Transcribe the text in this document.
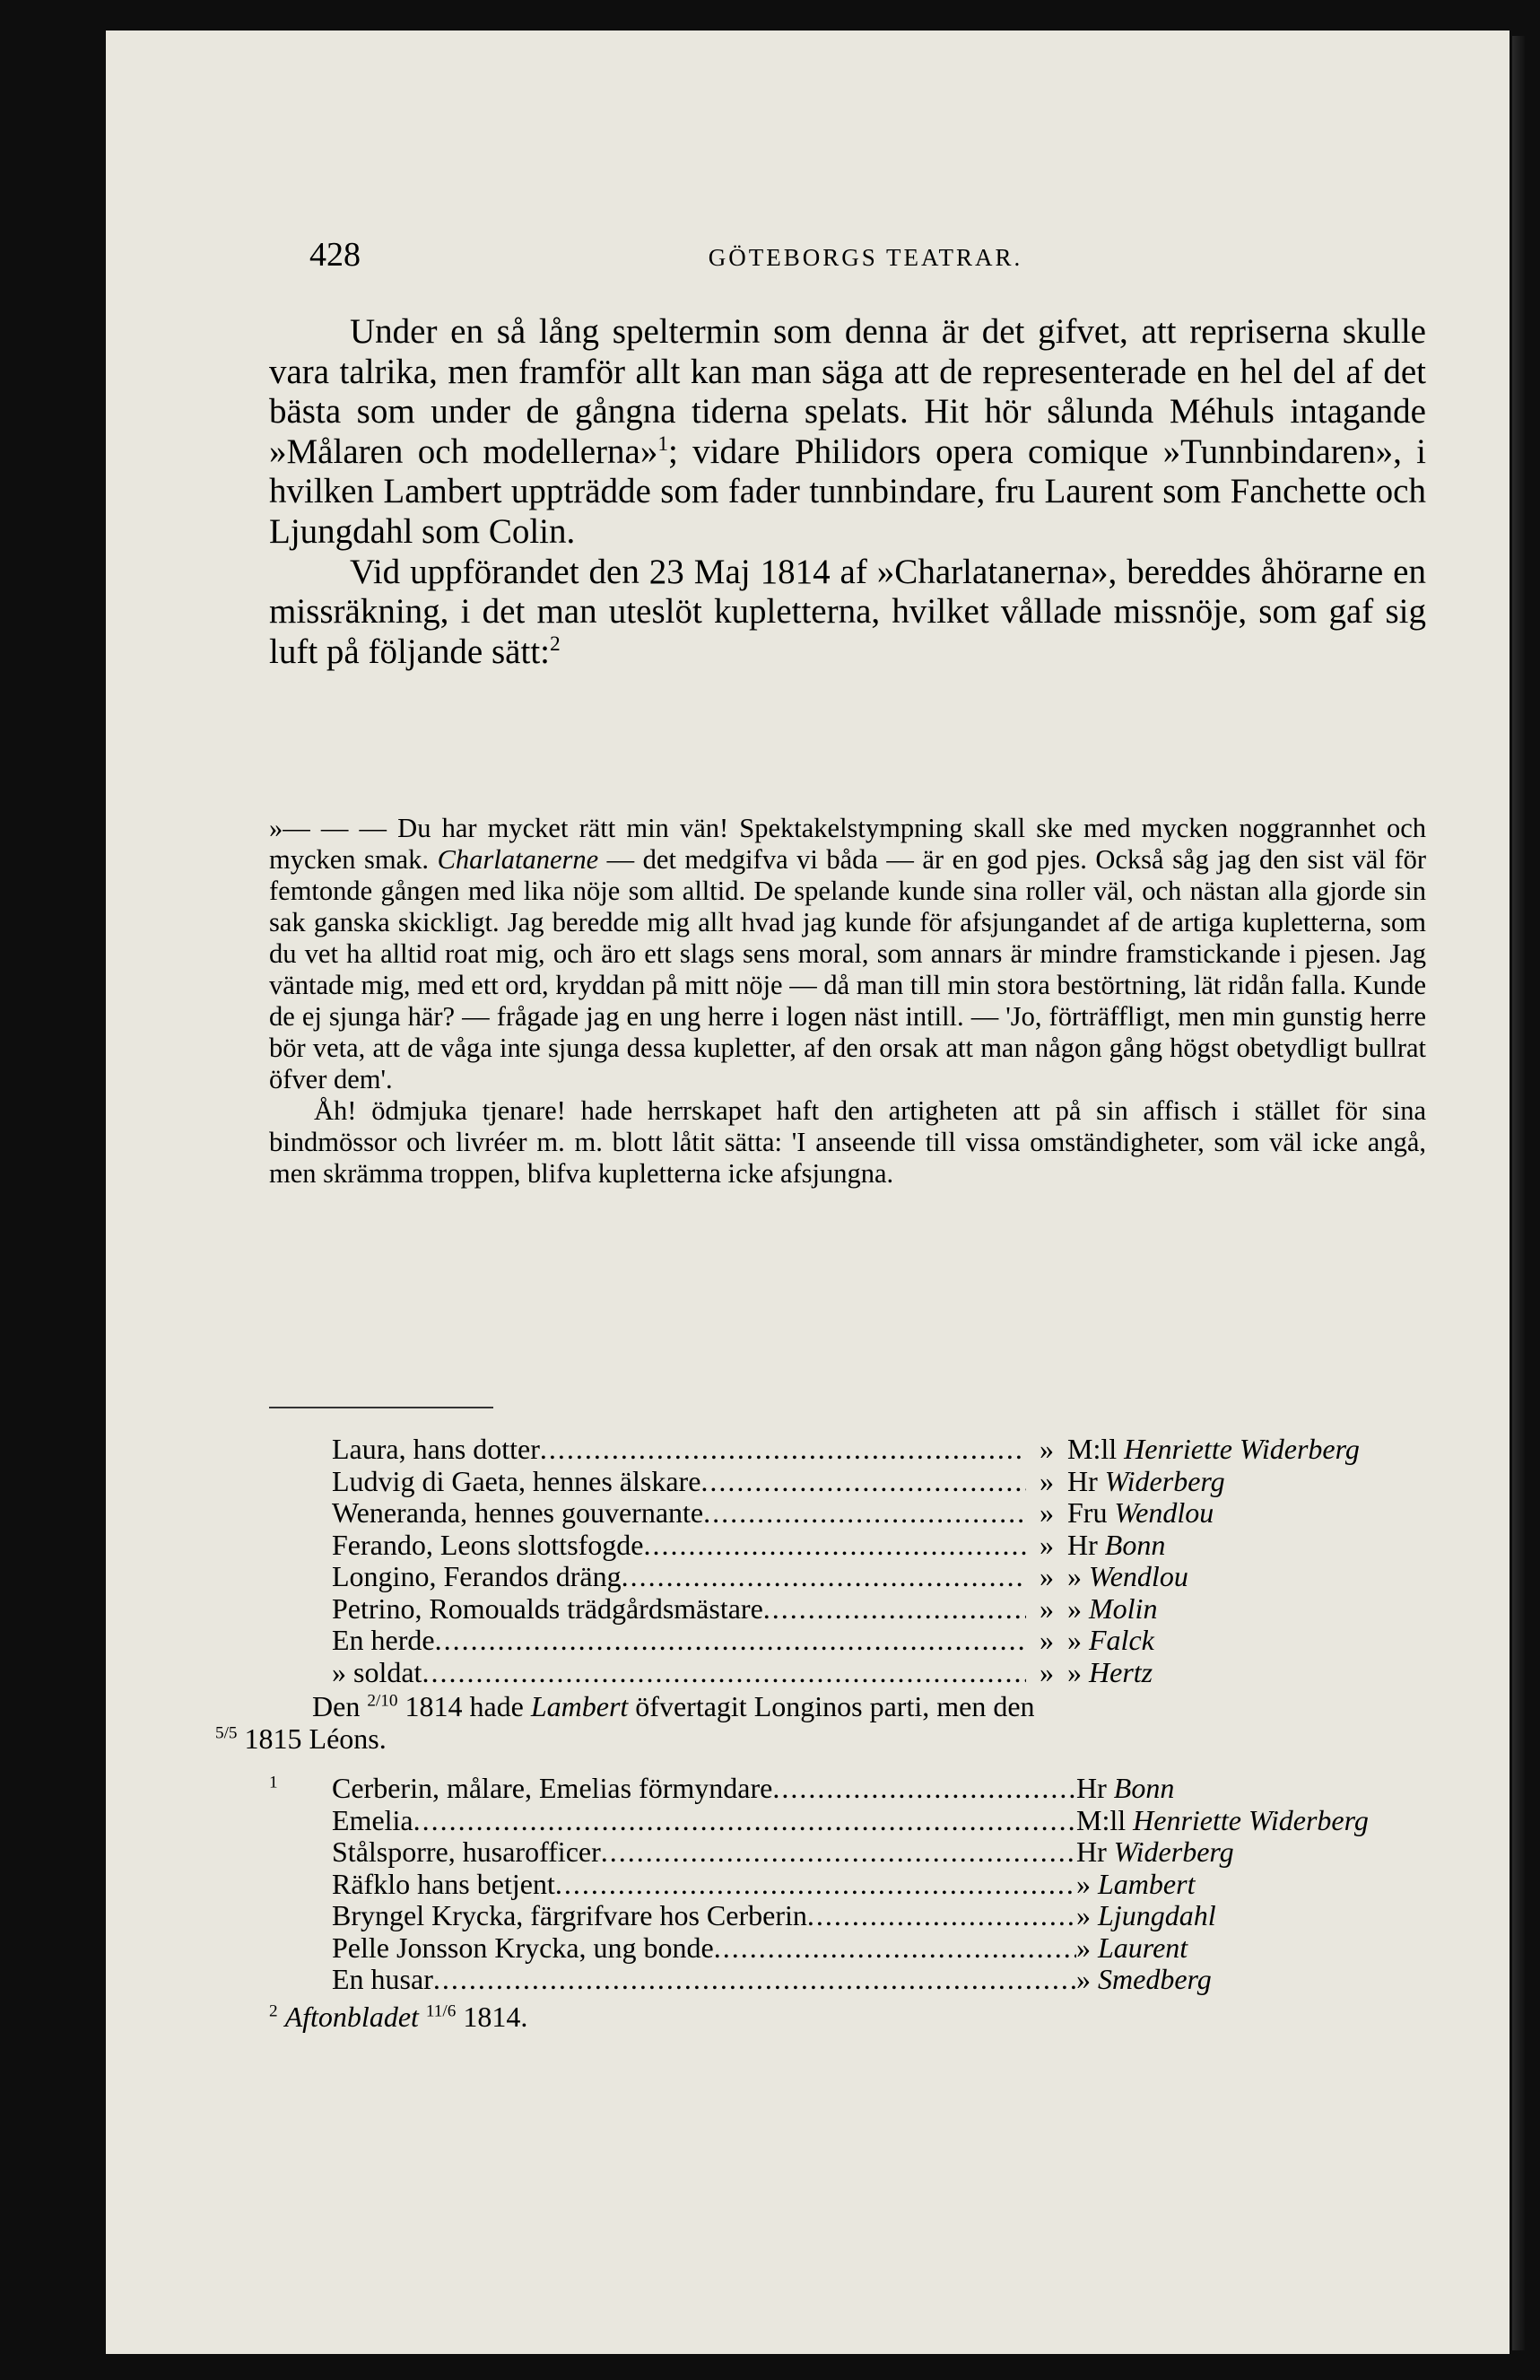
428	GÖTEBORGS TEATRAR.

Under en så lång speltermin som denna är det gifvet, att repriserna skulle vara talrika, men framför allt kan man säga att de representerade en hel del af det bästa som under de gångna tiderna spelats. Hit hör sålunda Méhuls intagande »Målaren och modellerna»$^1$; vidare Philidors opera comique »Tunnbindaren», i hvilken Lambert uppträdde som fader tunnbindare, fru Laurent som Fanchette och Ljungdahl som Colin.

Vid uppförandet den 23 Maj 1814 af »Charlatanerna», bereddes åhörarne en missräkning, i det man uteslöt kupletterna, hvilket vållade missnöje, som gaf sig luft på följande sätt:$^2$

»— — — Du har mycket rätt min vän! Spektakelstympning skall ske med mycken noggrannhet och mycken smak. Charlatanerne — det medgifva vi båda — är en god pjes. Också såg jag den sist väl för femtonde gången med lika nöje som alltid. De spelande kunde sina roller väl, och nästan alla gjorde sin sak ganska skickligt. Jag beredde mig allt hvad jag kunde för afsjungandet af de artiga kupletterna, som du vet ha alltid roat mig, och äro ett slags sens moral, som annars är mindre framstickande i pjesen. Jag väntade mig, med ett ord, kryddan på mitt nöje — då man till min stora bestörtning, lät ridån falla. Kunde de ej sjunga här? — frågade jag en ung herre i logen näst intill. — 'Jo, förträffligt, men min gunstig herre bör veta, att de våga inte sjunga dessa kupletter, af den orsak att man någon gång högst obetydligt bullrat öfver dem'.

Åh! ödmjuka tjenare! hade herrskapet haft den artigheten att på sin affisch i stället för sina bindmössor och livréer m. m. blott låtit sätta: 'I anseende till vissa omständigheter, som väl icke angå, men skrämma troppen, blifva kupletterna icke afsjungna.

Laura, hans dotter .....	» M:ll Henriette Widerberg
Ludvig di Gaeta, hennes älskare .....	» Hr Widerberg
Weneranda, hennes gouvernante .....	» Fru Wendlou
Ferando, Leons slottsfogde .....	» Hr Bonn
Longino, Ferandos dräng .....	» » Wendlou
Petrino, Romoualds trädgårdsmästare .....	» » Molin
En herde .....	» » Falck
» soldat .....	» » Hertz

Den $^{2/10}$ 1814 hade Lambert öfvertagit Longinos parti, men den
$^{5/5}$ 1815 Léons.

$^1$	Cerberin, målare, Emelias förmyndare .....	Hr Bonn
Emelia .....	M:ll Henriette Widerberg
Stålsporre, husarofficer .....	Hr Widerberg
Räfklo hans betjent .....	» Lambert
Bryngel Krycka, färgrifvare hos Cerberin .....	» Ljungdahl
Pelle Jonsson Krycka, ung bonde .....	» Laurent
En husar .....	» Smedberg
$^2$ Aftonbladet $^{11/6}$ 1814.
